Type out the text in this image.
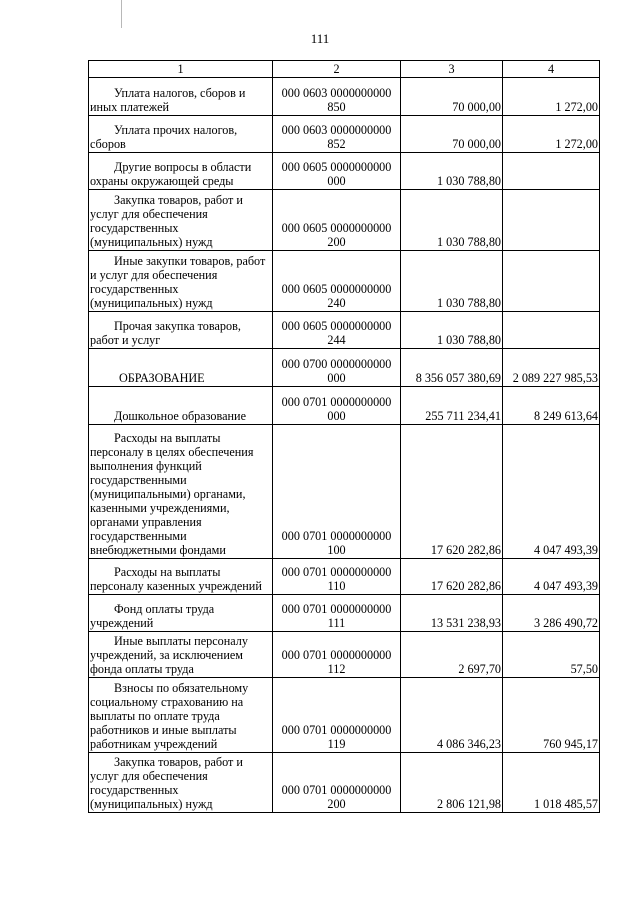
111
1	2	3	4
Уплата налогов, сборов и иных платежей	000 0603 0000000000 850	70 000,00	1 272,00
Уплата прочих налогов, сборов	000 0603 0000000000 852	70 000,00	1 272,00
Другие вопросы в области охраны окружающей среды	000 0605 0000000000 000	1 030 788,80	
Закупка товаров, работ и услуг для обеспечения государственных (муниципальных) нужд	000 0605 0000000000 200	1 030 788,80	
Иные закупки товаров, работ и услуг для обеспечения государственных (муниципальных) нужд	000 0605 0000000000 240	1 030 788,80	
Прочая закупка товаров, работ и услуг	000 0605 0000000000 244	1 030 788,80	
ОБРАЗОВАНИЕ	000 0700 0000000000 000	8 356 057 380,69	2 089 227 985,53
Дошкольное образование	000 0701 0000000000 000	255 711 234,41	8 249 613,64
Расходы на выплаты персоналу в целях обеспечения выполнения функций государственными (муниципальными) органами, казенными учреждениями, органами управления государственными внебюджетными фондами	000 0701 0000000000 100	17 620 282,86	4 047 493,39
Расходы на выплаты персоналу казенных учреждений	000 0701 0000000000 110	17 620 282,86	4 047 493,39
Фонд оплаты труда учреждений	000 0701 0000000000 111	13 531 238,93	3 286 490,72
Иные выплаты персоналу учреждений, за исключением фонда оплаты труда	000 0701 0000000000 112	2 697,70	57,50
Взносы по обязательному социальному страхованию на выплаты по оплате труда работников и иные выплаты работникам учреждений	000 0701 0000000000 119	4 086 346,23	760 945,17
Закупка товаров, работ и услуг для обеспечения государственных (муниципальных) нужд	000 0701 0000000000 200	2 806 121,98	1 018 485,57
